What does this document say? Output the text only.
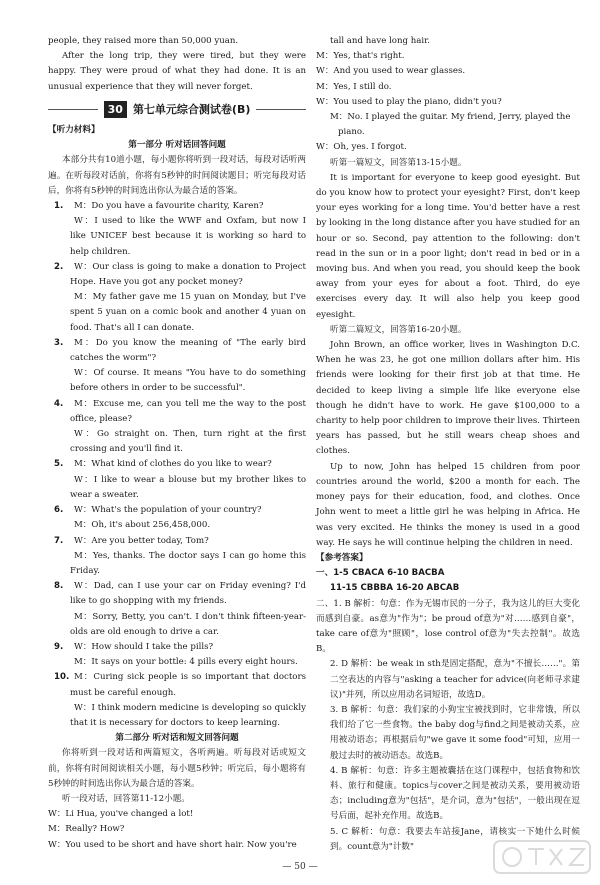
people, they raised more than 50,000 yuan.
After the long trip, they were tired, but they were happy. They were proud of what they had done. It is an unusual experience that they will never forget.
30 第七单元综合测试卷(B)
【听力材料】
第一部分 听对话回答问题
本部分共有10道小题，每小题你将听到一段对话，每段对话听两遍。在听每段对话前，你将有5秒钟的时间阅读题目；听完每段对话后，你将有5秒钟的时间选出你认为最合适的答案。
1. M：Do you have a favourite charity, Karen?
W：I used to like the WWF and Oxfam, but now I like UNICEF best because it is working so hard to help children.
2. W：Our class is going to make a donation to Project Hope. Have you got any pocket money?
M：My father gave me 15 yuan on Monday, but I've spent 5 yuan on a comic book and another 4 yuan on food. That's all I can donate.
3. M：Do you know the meaning of "The early bird catches the worm"?
W：Of course. It means "You have to do something before others in order to be successful".
4. M：Excuse me, can you tell me the way to the post office, please?
W：Go straight on. Then, turn right at the first crossing and you'll find it.
5. M：What kind of clothes do you like to wear?
W：I like to wear a blouse but my brother likes to wear a sweater.
6. W：What's the population of your country?
M：Oh, it's about 256,458,000.
7. W：Are you better today, Tom?
M：Yes, thanks. The doctor says I can go home this Friday.
8. W：Dad, can I use your car on Friday evening? I'd like to go shopping with my friends.
M：Sorry, Betty, you can't. I don't think fifteen-year-olds are old enough to drive a car.
9. W：How should I take the pills?
M：It says on your bottle: 4 pills every eight hours.
10. M：Curing sick people is so important that doctors must be careful enough.
W：I think modern medicine is developing so quickly that it is necessary for doctors to keep learning.
第二部分 听对话和短文回答问题
你将听到一段对话和两篇短文，各听两遍。听每段对话或短文前，你将有时间阅读相关小题，每小题5秒钟；听完后，每小题将有5秒钟的时间选出你认为最合适的答案。
听一段对话，回答第11-12小题。
W：Li Hua, you've changed a lot!
M：Really? How?
W：You used to be short and have short hair. Now you're
tall and have long hair.
M：Yes, that's right.
W：And you used to wear glasses.
M：Yes, I still do.
W：You used to play the piano, didn't you?
M：No. I played the guitar. My friend, Jerry, played the piano.
W：Oh, yes. I forgot.
听第一篇短文，回答第13-15小题。
It is important for everyone to keep good eyesight. But do you know how to protect your eyesight? First, don't keep your eyes working for a long time. You'd better have a rest by looking in the long distance after you have studied for an hour or so. Second, pay attention to the following: don't read in the sun or in a poor light; don't read in bed or in a moving bus. And when you read, you should keep the book away from your eyes for about a foot. Third, do eye exercises every day. It will also help you keep good eyesight.
听第二篇短文，回答第16-20小题。
John Brown, an office worker, lives in Washington D.C. When he was 23, he got one million dollars after him. His friends were looking for their first job at that time. He decided to keep living a simple life like everyone else though he didn't have to work. He gave $100,000 to a charity to help poor children to improve their lives. Thirteen years has passed, but he still wears cheap shoes and clothes.
Up to now, John has helped 15 children from poor countries around the world, $200 a month for each. The money pays for their education, food, and clothes. Once John went to meet a little girl he was helping in Africa. He was very excited. He thinks the money is used in a good way. He says he will continue helping the children in need.
【参考答案】
一、1-5 CBACA 6-10 BACBA
11-15 CBBBA 16-20 ABCAB
二、1. B 解析：句意：作为无锡市民的一分子，我为这儿的巨大变化而感到自豪。as意为"作为"；be proud of意为"对……感到自豪"，take care of意为"照顾"，lose control of意为"失去控制"。故选B。
2. D 解析：be weak in sth是固定搭配，意为"不擅长……"。第二空表达的内容与"asking a teacher for advice(向老师寻求建议)"并列，所以应用动名词短语，故选D。
3. B 解析：句意：我们家的小狗宝宝被找到时，它非常饿，所以我们给了它一些食物。the baby dog与find之间是被动关系，应用被动语态；再根据后句"we gave it some food"可知，应用一般过去时的被动语态。故选B。
4. B 解析：句意：许多主题被囊括在这门课程中，包括食物和饮料、旅行和健康。topics与cover之间是被动关系，要用被动语态；including意为"包括"，是介词，意为"包括"，一般出现在逗号后面，起补充作用。故选B。
5. C 解析：句意：我要去车站接Jane，请核实一下她什么时候到。count意为"计数"
— 50 —
